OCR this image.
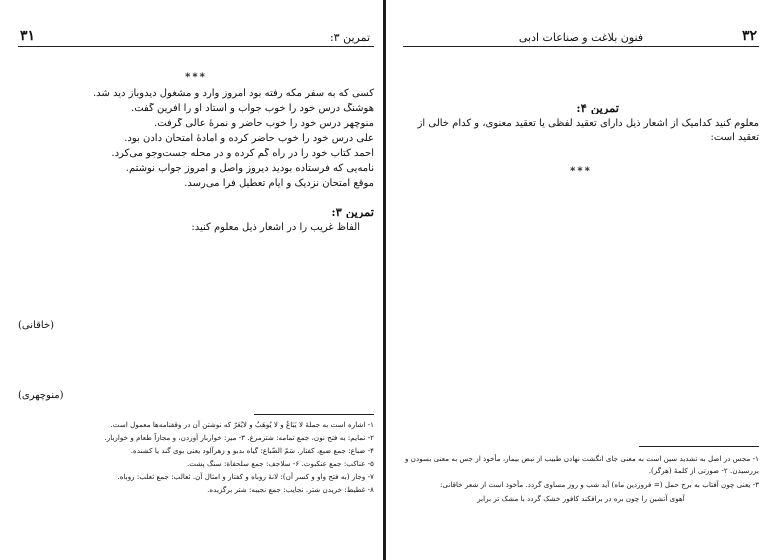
۳۱	تمرین ۳:
***
کسی که به سفر مکه رفته بود امروز وارد و مشغول دیدوباز دید شد.
هوشنگ درس خود را خوب جواب و استاد او را آفرین گفت.
منوچهر درس خود را خوب حاضر و نمرهٔ عالی گرفت.
علی درس خود را خوب حاضر کرده و آمادهٔ امتحان دادن بود.
احمد کتاب خود را در راه گم کرده و در محله جست‌وجو می‌کرد.
نامه‌یی که فرستاده بودید دیروز واصل و امروز جواب نوشتم.
موقع امتحان نزدیک و ایام تعطیل فرا می‌رسد.
تمرین ۳:
الفاظ غریب را در اشعار ذیل معلوم کنید:
(خاقانی)
(منوچهری)
۱- اشاره است به جملهٔ لا یَبَاعُ و لا یُوهَبُ و لایُعَرّ که نوشتن آن در وقفنامه‌ها معمول است.
۲- تمایم: به فتح نون، جمع تمامه: شترمرغ. ۳- میر: خواربار آوردن، و مجازاً طعام و خواربار.
۴- ضباع: جمع ضبع، کفتار. سَمّ الضّباع: گیاه بدبو و زهرآلود یعنی بوی گند یا کشنده.
۵- عناکب: جمع عنکبوت. ۶- سلاجف: جمع سلحفاة: سنگ پشت.
۷- وجار (به فتح واو و کسر آن): لانهٔ روباه و کفتار و امثال آن. ثعالب: جمع ثعلب: روباه.
۸- غطیط: خریدن شتر. نجایب: جمع نجیبه: شتر برگزیده.
۳۲
فنون بلاغت و صناعات ادبی
تمرین ۴:
معلوم کنید کدامیک از اشعار ذیل دارای تعقید لفظی یا تعقید معنوی، و کدام خالی از
تعقید است:
***
۱- مجس در اصل به تشدید سین است به معنی جای انگشت نهادن طبیب از نبض بیمار، مأخوذ از جس به معنی بسودن و
بررسیدن. ۲- صورتی از کلمهٔ (هرگز).
۳- یعنی چون آفتاب به برج حمل (= فروردین ماه) آید شب و روز مساوی گردد. مأخوذ است از شعر خاقانی:
آهوی آتشین را چون بره در برافکند کافور خشک گردد با مشک تر برابر
